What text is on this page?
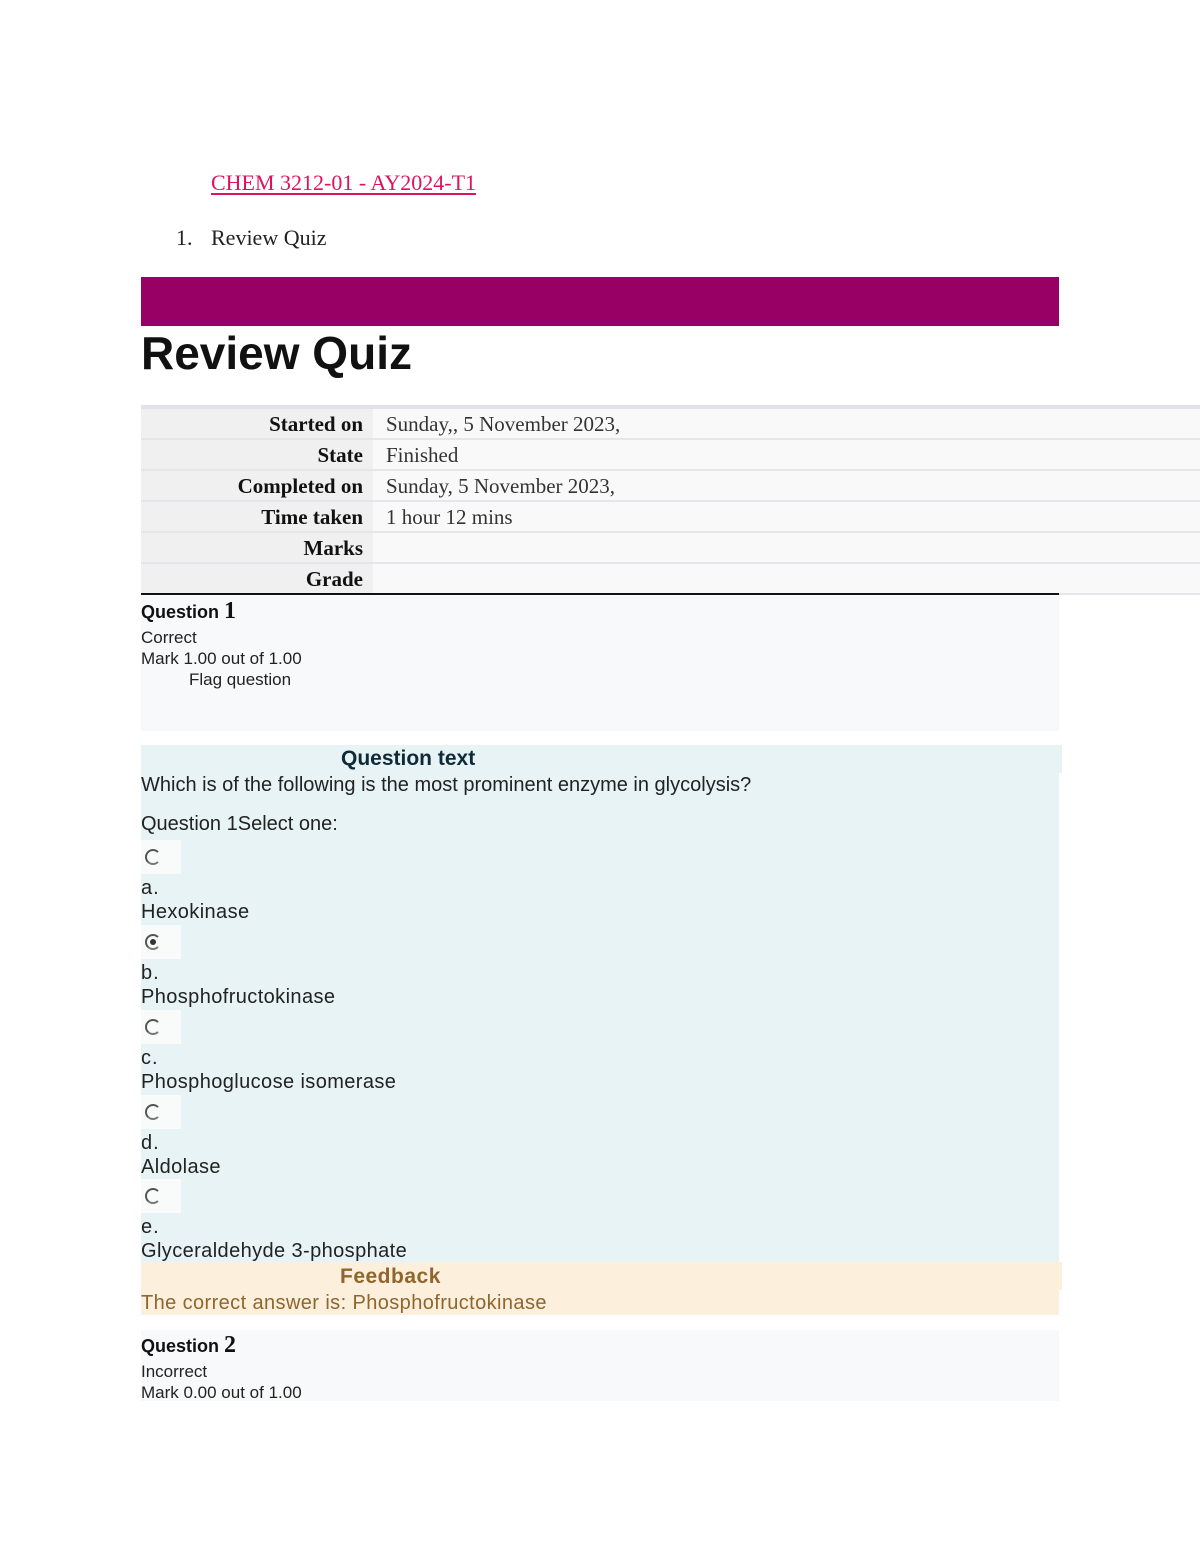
CHEM 3212-01 - AY2024-T1
1. Review Quiz
Review Quiz
Started on	Sunday,, 5 November 2023,
State	Finished
Completed on	Sunday, 5 November 2023,
Time taken	1 hour 12 mins
Marks
Grade
Question 1
Correct
Mark 1.00 out of 1.00
Flag question
Question text
Which is of the following is the most prominent enzyme in glycolysis?
Question 1Select one:
a.
Hexokinase
b.
Phosphofructokinase
c.
Phosphoglucose isomerase
d.
Aldolase
e.
Glyceraldehyde 3-phosphate
Feedback
The correct answer is: Phosphofructokinase
Question 2
Incorrect
Mark 0.00 out of 1.00
